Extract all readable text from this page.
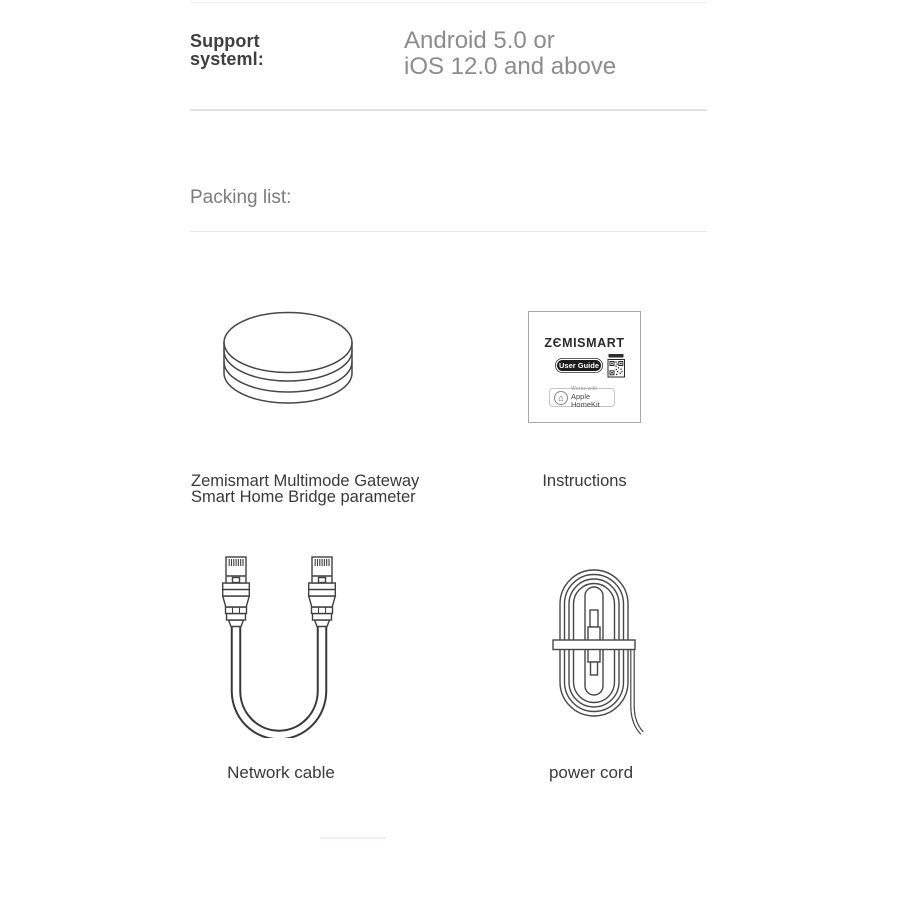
Support
systeml:
Android 5.0 or
iOS 12.0 and above
Packing list:
ZЄMISMART
User Guide
⌂
Works with
Apple HomeKit
Zemismart Multimode Gateway
Smart Home Bridge parameter
Instructions
Network cable	power cord
